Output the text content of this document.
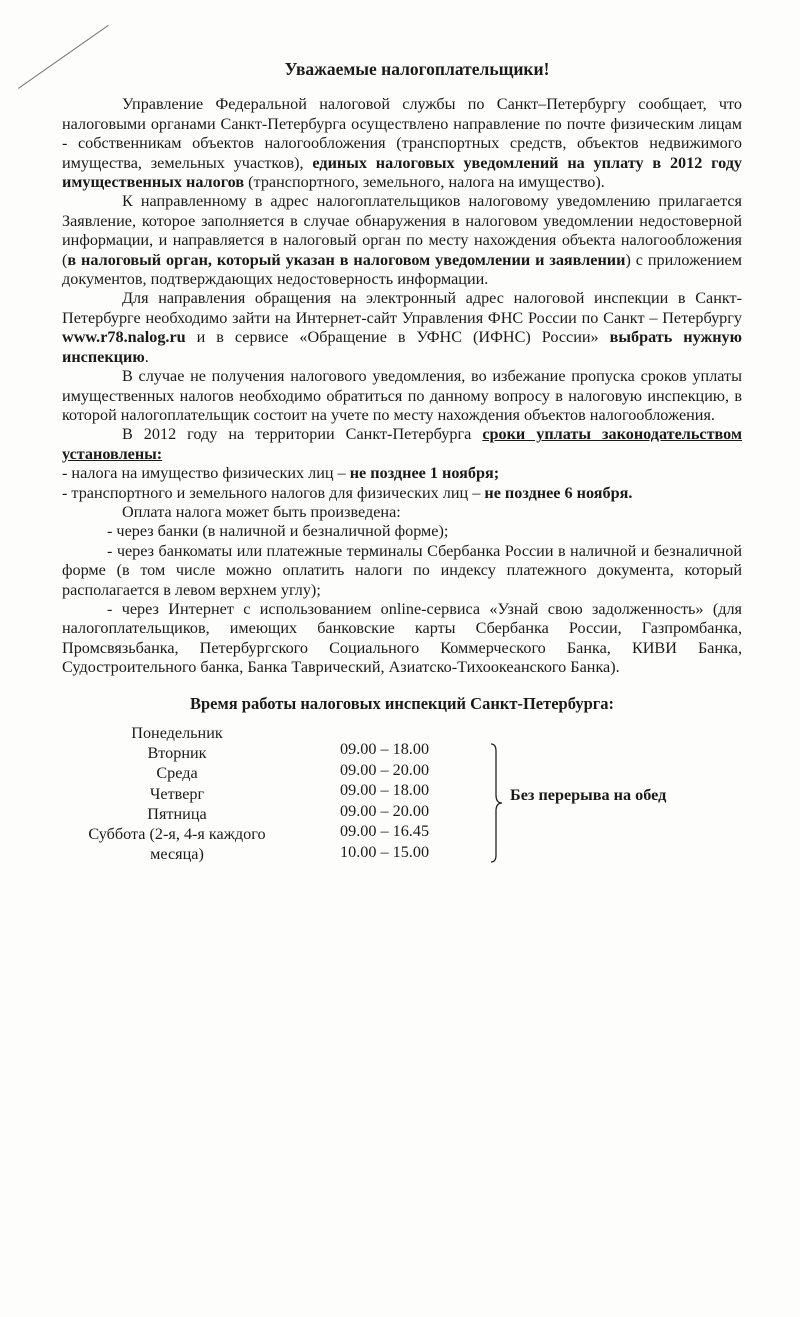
Уважаемые налогоплательщики!

Управление Федеральной налоговой службы по Санкт–Петербургу сообщает, что налоговыми органами Санкт-Петербурга осуществлено направление по почте физическим лицам - собственникам объектов налогообложения (транспортных средств, объектов недвижимого имущества, земельных участков), единых налоговых уведомлений на уплату в 2012 году имущественных налогов (транспортного, земельного, налога на имущество).

К направленному в адрес налогоплательщиков налоговому уведомлению прилагается Заявление, которое заполняется в случае обнаружения в налоговом уведомлении недостоверной информации, и направляется в налоговый орган по месту нахождения объекта налогообложения (в налоговый орган, который указан в налоговом уведомлении и заявлении) с приложением документов, подтверждающих недостоверность информации.

Для направления обращения на электронный адрес налоговой инспекции в Санкт-Петербурге необходимо зайти на Интернет-сайт Управления ФНС России по Санкт – Петербургу www.r78.nalog.ru и в сервисе «Обращение в УФНС (ИФНС) России» выбрать нужную инспекцию.

В случае не получения налогового уведомления, во избежание пропуска сроков уплаты имущественных налогов необходимо обратиться по данному вопросу в налоговую инспекцию, в которой налогоплательщик состоит на учете по месту нахождения объектов налогообложения.

В 2012 году на территории Санкт-Петербурга сроки уплаты законодательством установлены:

- налога на имущество физических лиц – не позднее 1 ноября;

- транспортного и земельного налогов для физических лиц – не позднее 6 ноября.

Оплата налога может быть произведена:

- через банки (в наличной и безналичной форме);

- через банкоматы или платежные терминалы Сбербанка России в наличной и безналичной форме (в том числе можно оплатить налоги по индексу платежного документа, который располагается в левом верхнем углу);

- через Интернет с использованием online-сервиса «Узнай свою задолженность» (для налогоплательщиков, имеющих банковские карты Сбербанка России, Газпромбанка, Промсвязьбанка, Петербургского Социального Коммерческого Банка, КИВИ Банка, Судостроительного банка, Банка Таврический, Азиатско-Тихоокеанского Банка).

Время работы налоговых инспекций Санкт-Петербурга:
Понедельник
Вторник
Среда
Четверг
Пятница
Суббота (2-я, 4-я каждого месяца)
09.00 – 18.00
09.00 – 20.00
09.00 – 18.00
09.00 – 20.00
09.00 – 16.45
10.00 – 15.00
Без перерыва на обед
